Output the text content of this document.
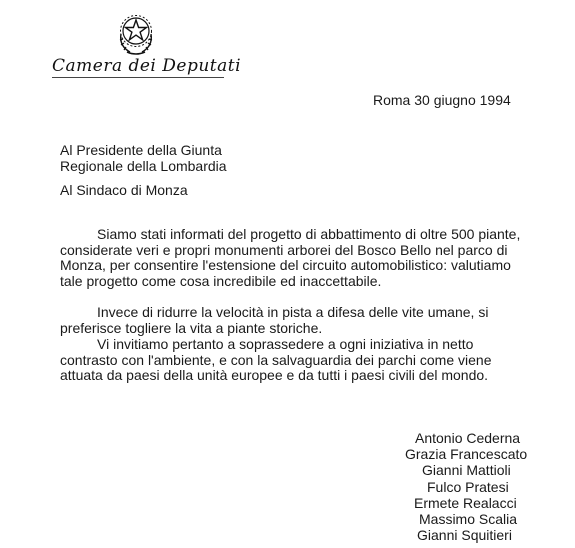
Camera dei Deputati
Roma 30 giugno 1994
Al Presidente della Giunta
Regionale della Lombardia
Al Sindaco di Monza
Siamo stati informati del progetto di abbattimento di oltre 500 piante, considerate veri e propri monumenti arborei del Bosco Bello nel parco di Monza, per consentire l'estensione del circuito automobilistico: valutiamo tale progetto come cosa incredibile ed inaccettabile.
Invece di ridurre la velocità in pista a difesa delle vite umane, si preferisce togliere la vita a piante storiche.
Vi invitiamo pertanto a soprassedere a ogni iniziativa in netto contrasto con l'ambiente, e con la salvaguardia dei parchi come viene attuata da paesi della unità europee e da tutti i paesi civili del mondo.
Antonio Cederna
Grazia Francescato
Gianni Mattioli
Fulco Pratesi
Ermete Realacci
Massimo Scalia
Gianni Squitieri
